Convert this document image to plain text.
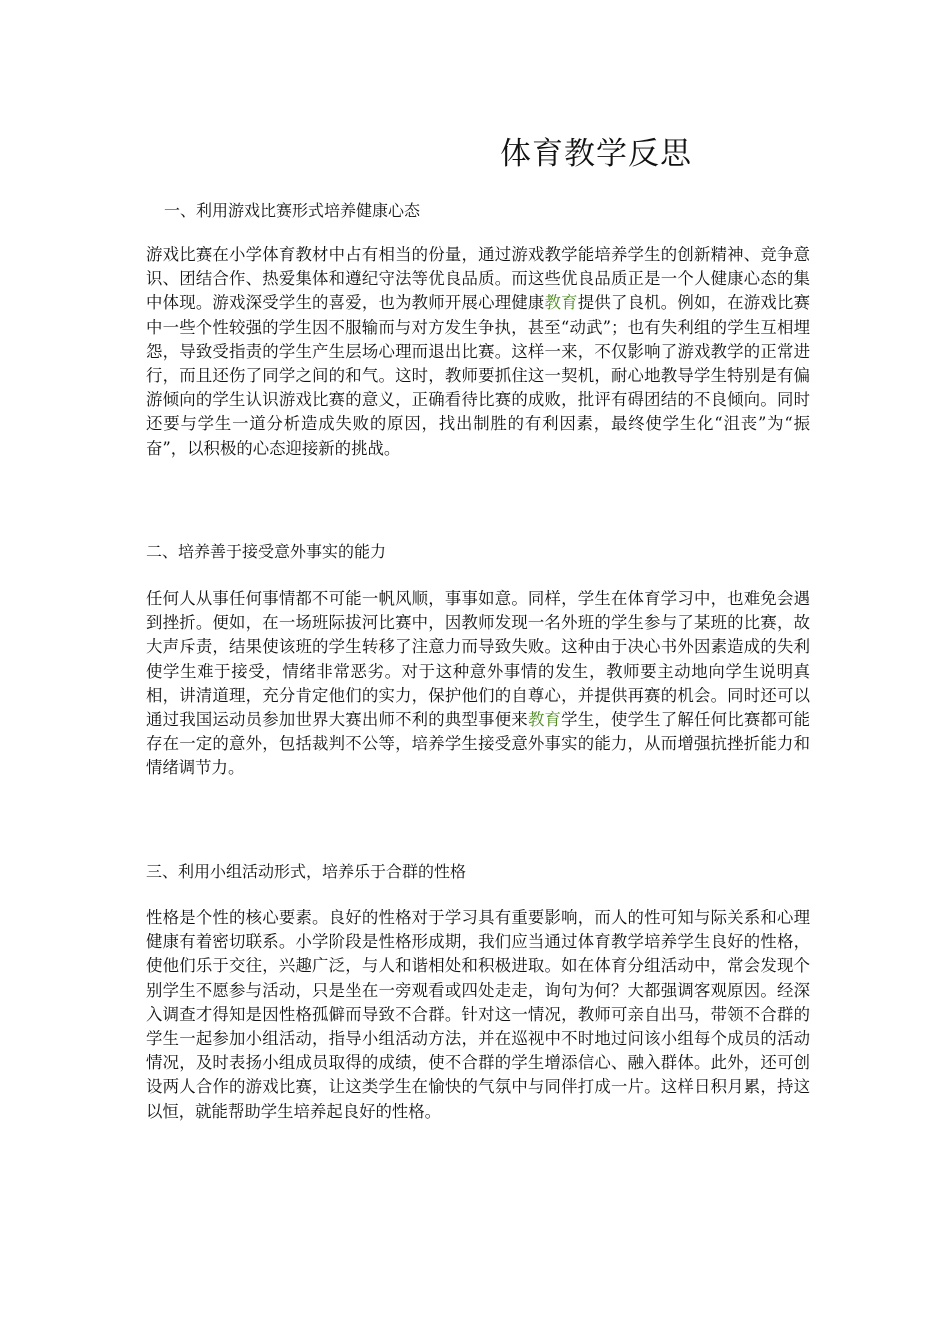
体育教学反思
一、利用游戏比赛形式培养健康心态

游戏比赛在小学体育教材中占有相当的份量，通过游戏教学能培养学生的创新精神、竞争意识、团结合作、热爱集体和遵纪守法等优良品质。而这些优良品质正是一个人健康心态的集中体现。游戏深受学生的喜爱，也为教师开展心理健康教育提供了良机。例如，在游戏比赛中一些个性较强的学生因不服输而与对方发生争执，甚至“动武”；也有失利组的学生互相埋怨，导致受指责的学生产生层场心理而退出比赛。这样一来，不仅影响了游戏教学的正常进行，而且还伤了同学之间的和气。这时，教师要抓住这一契机，耐心地教导学生特别是有偏游倾向的学生认识游戏比赛的意义，正确看待比赛的成败，批评有碍团结的不良倾向。同时还要与学生一道分析造成失败的原因，找出制胜的有利因素，最终使学生化“沮丧”为“振奋”，以积极的心态迎接新的挑战。

二、培养善于接受意外事实的能力

任何人从事任何事情都不可能一帆风顺，事事如意。同样，学生在体育学习中，也难免会遇到挫折。便如，在一场班际拔河比赛中，因教师发现一名外班的学生参与了某班的比赛，故大声斥责，结果使该班的学生转移了注意力而导致失败。这种由于决心书外因素造成的失利使学生难于接受，情绪非常恶劣。对于这种意外事情的发生，教师要主动地向学生说明真相，讲清道理，充分肯定他们的实力，保护他们的自尊心，并提供再赛的机会。同时还可以通过我国运动员参加世界大赛出师不利的典型事便来教育学生，使学生了解任何比赛都可能存在一定的意外，包括裁判不公等，培养学生接受意外事实的能力，从而增强抗挫折能力和情绪调节力。

三、利用小组活动形式，培养乐于合群的性格

性格是个性的核心要素。良好的性格对于学习具有重要影响，而人的性可知与际关系和心理健康有着密切联系。小学阶段是性格形成期，我们应当通过体育教学培养学生良好的性格，使他们乐于交往，兴趣广泛，与人和谐相处和积极进取。如在体育分组活动中，常会发现个别学生不愿参与活动，只是坐在一旁观看或四处走走，询句为何？大都强调客观原因。经深入调查才得知是因性格孤僻而导致不合群。针对这一情况，教师可亲自出马，带领不合群的学生一起参加小组活动，指导小组活动方法，并在巡视中不时地过问该小组每个成员的活动情况，及时表扬小组成员取得的成绩，使不合群的学生增添信心、融入群体。此外，还可创设两人合作的游戏比赛，让这类学生在愉快的气氛中与同伴打成一片。这样日积月累，持这以恒，就能帮助学生培养起良好的性格。
